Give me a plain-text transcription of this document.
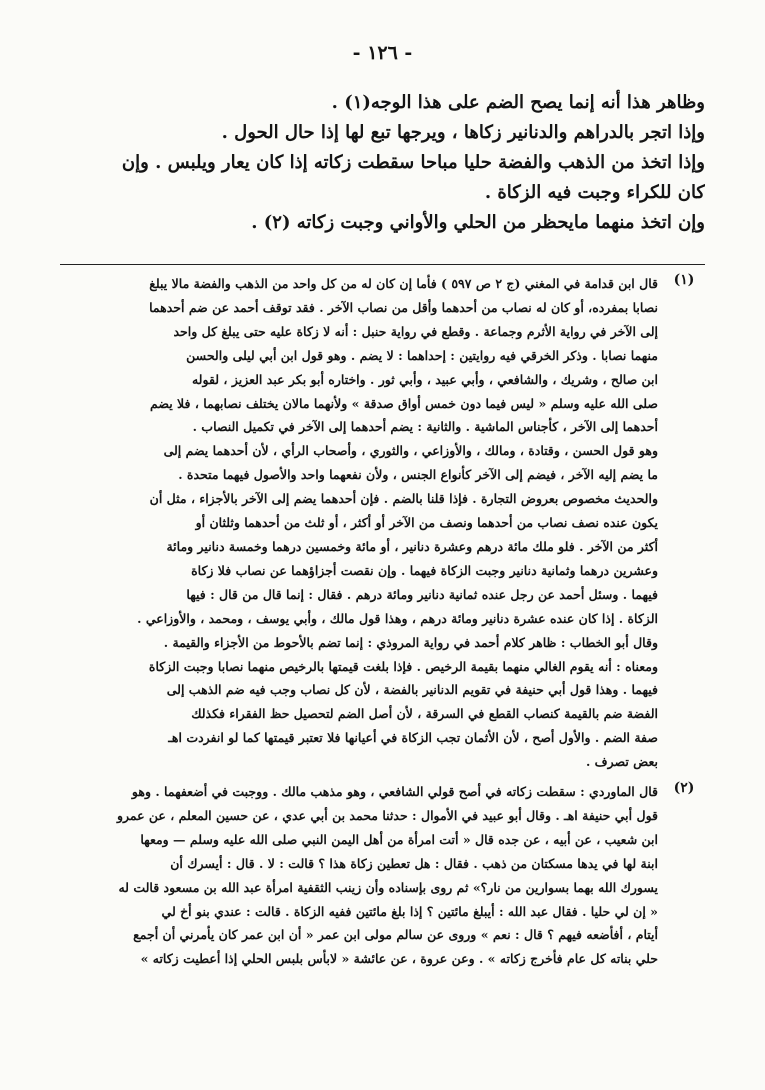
- ١٢٦ -
وظاهر هذا أنه إنما يصح الضم على هذا الوجه(١) .
وإذا اتجر بالدراهم والدنانير زكاها ، ويرجها تبع لها إذا حال الحول .
وإذا اتخذ من الذهب والفضة حليا مباحا سقطت زكاته إذا كان يعار ويلبس . وإن
كان للكراء وجبت فيه الزكاة .
وإن اتخذ منهما مايحظر من الحلي والأواني وجبت زكاته (٢) .
(١)
قال ابن قدامة في المغني (ج ٢ ص ٥٩٧ ) فأما إن كان له من كل واحد من الذهب والفضة مالا يبلغ
نصابا بمفرده، أو كان له نصاب من أحدهما وأقل من نصاب الآخر . فقد توقف أحمد عن ضم أحدهما
إلى الآخر في رواية الأثرم وجماعة . وقطع في رواية حنبل : أنه لا زكاة عليه حتى يبلغ كل واحد
منهما نصابا . وذكر الخرقي فيه روايتين : إحداهما : لا يضم . وهو قول ابن أبي ليلى والحسن
ابن صالح ، وشريك ، والشافعي ، وأبي عبيد ، وأبي ثور . واختاره أبو بكر عبد العزيز ، لقوله
صلى الله عليه وسلم « ليس فيما دون خمس أواق صدقة » ولأنهما مالان يختلف نصابهما ، فلا يضم
أحدهما إلى الآخر ، كأجناس الماشية . والثانية : يضم أحدهما إلى الآخر في تكميل النصاب .
وهو قول الحسن ، وقتادة ، ومالك ، والأوزاعي ، والثوري ، وأصحاب الرأي ، لأن أحدهما يضم إلى
ما يضم إليه الآخر ، فيضم إلى الآخر كأنواع الجنس ، ولأن نفعهما واحد والأصول فيهما متحدة .
والحديث مخصوص بعروض التجارة . فإذا قلنا بالضم . فإن أحدهما يضم إلى الآخر بالأجزاء ، مثل أن
يكون عنده نصف نصاب من أحدهما ونصف من الآخر أو أكثر ، أو ثلث من أحدهما وثلثان أو
أكثر من الآخر . فلو ملك مائة درهم وعشرة دنانير ، أو مائة وخمسين درهما وخمسة دنانير ومائة
وعشرين درهما وثمانية دنانير وجبت الزكاة فيهما . وإن نقصت أجزاؤهما عن نصاب فلا زكاة
فيهما . وسئل أحمد عن رجل عنده ثمانية دنانير ومائة درهم . فقال : إنما قال من قال : فيها
الزكاة . إذا كان عنده عشرة دنانير ومائة درهم ، وهذا قول مالك ، وأبي يوسف ، ومحمد ، والأوزاعي .
وقال أبو الخطاب : ظاهر كلام أحمد في رواية المروذي : إنما تضم بالأحوط من الأجزاء والقيمة .
ومعناه : أنه يقوم الغالي منهما بقيمة الرخيص . فإذا بلغت قيمتها بالرخيص منهما نصابا وجبت الزكاة
فيهما . وهذا قول أبي حنيفة في تقويم الدنانير بالفضة ، لأن كل نصاب وجب فيه ضم الذهب إلى
الفضة ضم بالقيمة كنصاب القطع في السرقة ، لأن أصل الضم لتحصيل حظ الفقراء فكذلك
صفة الضم . والأول أصح ، لأن الأثمان تجب الزكاة في أعيانها فلا تعتبر قيمتها كما لو انفردت اهـ
بعض تصرف .
(٢)
قال الماوردي : سقطت زكاته في أصح قولي الشافعي ، وهو مذهب مالك . ووجبت في أضعفهما . وهو
قول أبي حنيفة اهـ . وقال أبو عبيد في الأموال : حدثنا محمد بن أبي عدي ، عن حسين المعلم ، عن عمرو
ابن شعيب ، عن أبيه ، عن جده قال « أتت امرأة من أهل اليمن النبي صلى الله عليه وسلم — ومعها
ابنة لها في يدها مسكتان من ذهب . فقال : هل تعطين زكاة هذا ؟ قالت : لا . قال : أيسرك أن
يسورك الله بهما بسوارين من نار؟» ثم روى بإسناده وأن زينب الثقفية امرأة عبد الله بن مسعود قالت له
« إن لي حليا . فقال عبد الله : أيبلغ مائتين ؟ إذا بلغ مائتين ففيه الزكاة . قالت : عندي بنو أخ لي
أيتام ، أفأضعه فيهم ؟ قال : نعم » وروى عن سالم مولى ابن عمر « أن ابن عمر كان يأمرني أن أجمع
حلي بناته كل عام فأخرج زكاته » . وعن عروة ، عن عائشة « لابأس بلبس الحلي إذا أعطيت زكاته »
